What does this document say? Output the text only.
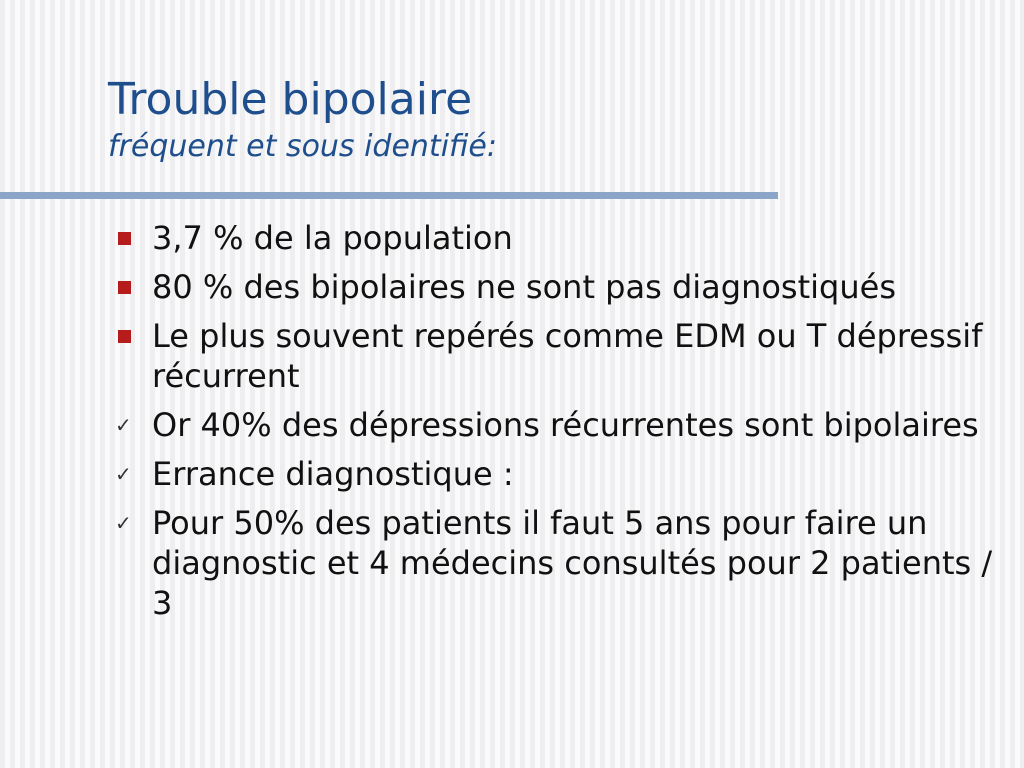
Trouble bipolaire
fréquent et sous identifié:
3,7 % de la population
80 % des bipolaires ne sont pas diagnostiqués
Le plus souvent repérés comme EDM ou T dépressif récurrent
✓ Or 40% des dépressions récurrentes sont bipolaires
✓ Errance diagnostique :
✓ Pour 50% des patients il faut 5 ans pour faire un diagnostic et 4 médecins consultés pour 2 patients / 3
